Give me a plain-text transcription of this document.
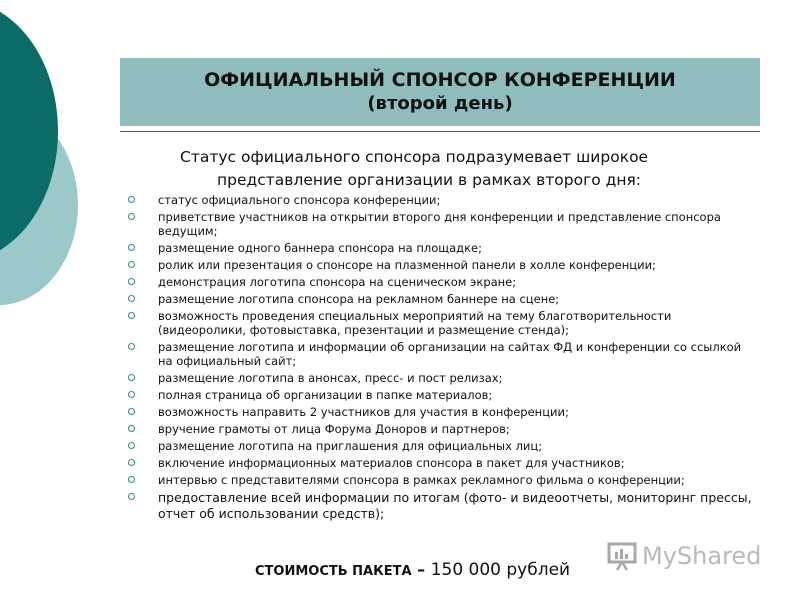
ОФИЦИАЛЬНЫЙ СПОНСОР КОНФЕРЕНЦИИ
(второй день)
Статус официального спонсора подразумевает широкое
представление организации в рамках второго дня:
статус официального спонсора конференции;
приветствие участников на открытии второго дня конференции и представление спонсора ведущим;
размещение одного баннера спонсора на площадке;
ролик или презентация о спонсоре на плазменной панели в холле конференции;
демонстрация логотипа спонсора на сценическом экране;
размещение логотипа спонсора на рекламном баннере на сцене;
возможность проведения специальных мероприятий на тему благотворительности (видеоролики, фотовыставка, презентации и размещение стенда);
размещение логотипа и информации об организации на сайтах ФД и конференции со ссылкой на официальный сайт;
размещение логотипа в анонсах, пресс- и пост релизах;
полная страница об организации в папке материалов;
возможность направить 2 участников для участия в конференции;
вручение грамоты от лица Форума Доноров и партнеров;
размещение логотипа на приглашения для официальных лиц;
включение информационных материалов спонсора в пакет для участников;
интервью с представителями спонсора в рамках рекламного фильма о конференции;
предоставление всей информации по итогам (фото- и видеоотчеты, мониторинг прессы, отчет об использовании средств);
СТОИМОСТЬ ПАКЕТА – 150 000 рублей	MyShared
